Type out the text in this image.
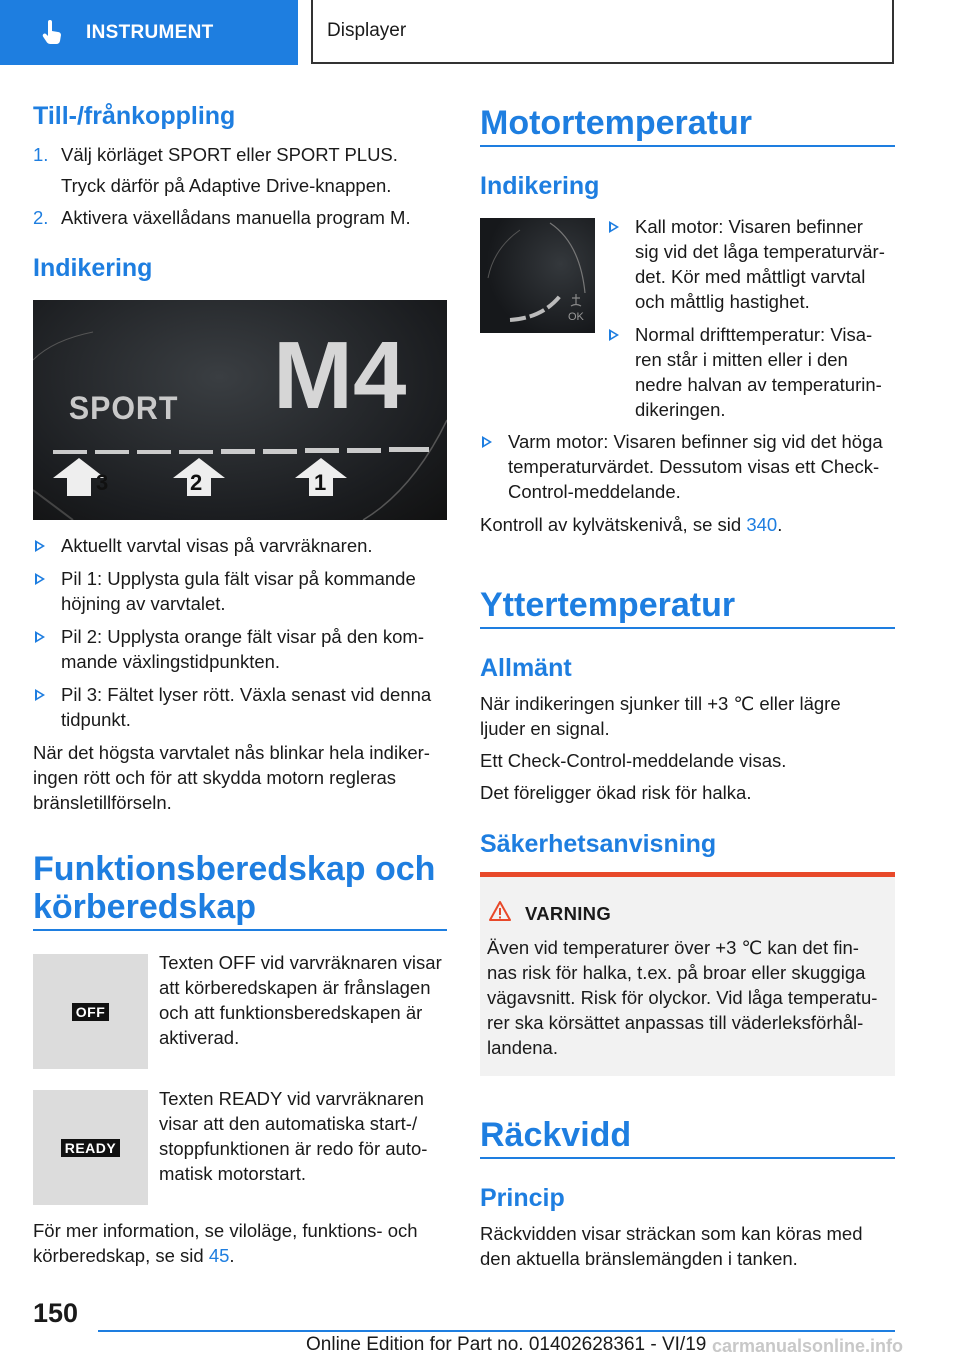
INSTRUMENT	Displayer
Till-/frånkoppling
1. Välj körläget SPORT eller SPORT PLUS.
Tryck därför på Adaptive Drive-knappen.
2. Aktivera växellådans manuella program M.
Indikering
SPORT M4
3	2	1
Aktuellt varvtal visas på varvräknaren.
Pil 1: Upplysta gula fält visar på kommande
höjning av varvtalet.
Pil 2: Upplysta orange fält visar på den kom‐
mande växlingstidpunkten.
Pil 3: Fältet lyser rött. Växla senast vid denna
tidpunkt.
När det högsta varvtalet nås blinkar hela indiker‐
ingen rött och för att skydda motorn regleras
bränsletillförseln.
Funktionsberedskap och
körberedskap
OFF
Texten OFF vid varvräknaren visar
att körberedskapen är frånslagen
och att funktionsberedskapen är
aktiverad.
READY
Texten READY vid varvräknaren
visar att den automatiska start-/
stoppfunktionen är redo för auto‐
matisk motorstart.
För mer information, se viloläge, funktions- och
körberedskap, se sid 45.
Motortemperatur
Indikering
OK
Kall motor: Visaren befinner
sig vid det låga temperaturvär‐
det. Kör med måttligt varvtal
och måttlig hastighet.
Normal drifttemperatur: Visa‐
ren står i mitten eller i den
nedre halvan av temperaturin‐
dikeringen.
Varm motor: Visaren befinner sig vid det höga
temperaturvärdet. Dessutom visas ett Check-
Control-meddelande.
Kontroll av kylvätskenivå, se sid 340.
Yttertemperatur
Allmänt
När indikeringen sjunker till +3 ℃ eller lägre
ljuder en signal.
Ett Check-Control-meddelande visas.
Det föreligger ökad risk för halka.
Säkerhetsanvisning
VARNING
Även vid temperaturer över +3 ℃ kan det fin‐
nas risk för halka, t.ex. på broar eller skuggiga
vägavsnitt. Risk för olyckor. Vid låga temperatu‐
rer ska körsättet anpassas till väderleksförhål‐
landena.
Räckvidd
Princip
Räckvidden visar sträckan som kan köras med
den aktuella bränslemängden i tanken.
150
Online Edition for Part no. 01402628361 - VI/19 carmanualsonline.info
